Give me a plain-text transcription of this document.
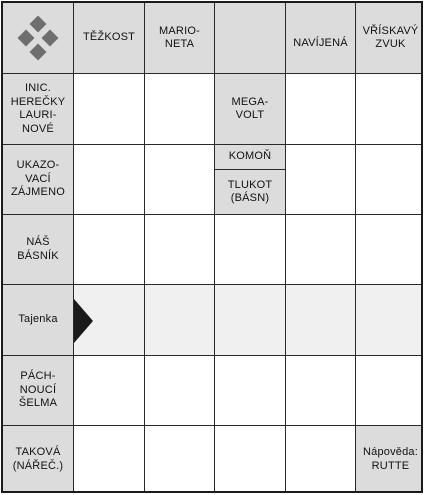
TĚŽKOST
MARIO-
NETA	NAVÍJENÁ
VŘÍSKAVÝ
ZVUK
INIC.
HEREČKY
LAURI-
NOVÉ
MEGA-
VOLT
UKAZO-
VACÍ
ZÁJMENO
KOMOŇ
TLUKOT
(BÁSN)
NÁŠ
BÁSNÍK
Tajenka
PÁCH-
NOUCÍ
ŠELMA
TAKOVÁ
(NÁŘEČ.)
Nápověda:
RUTTE
